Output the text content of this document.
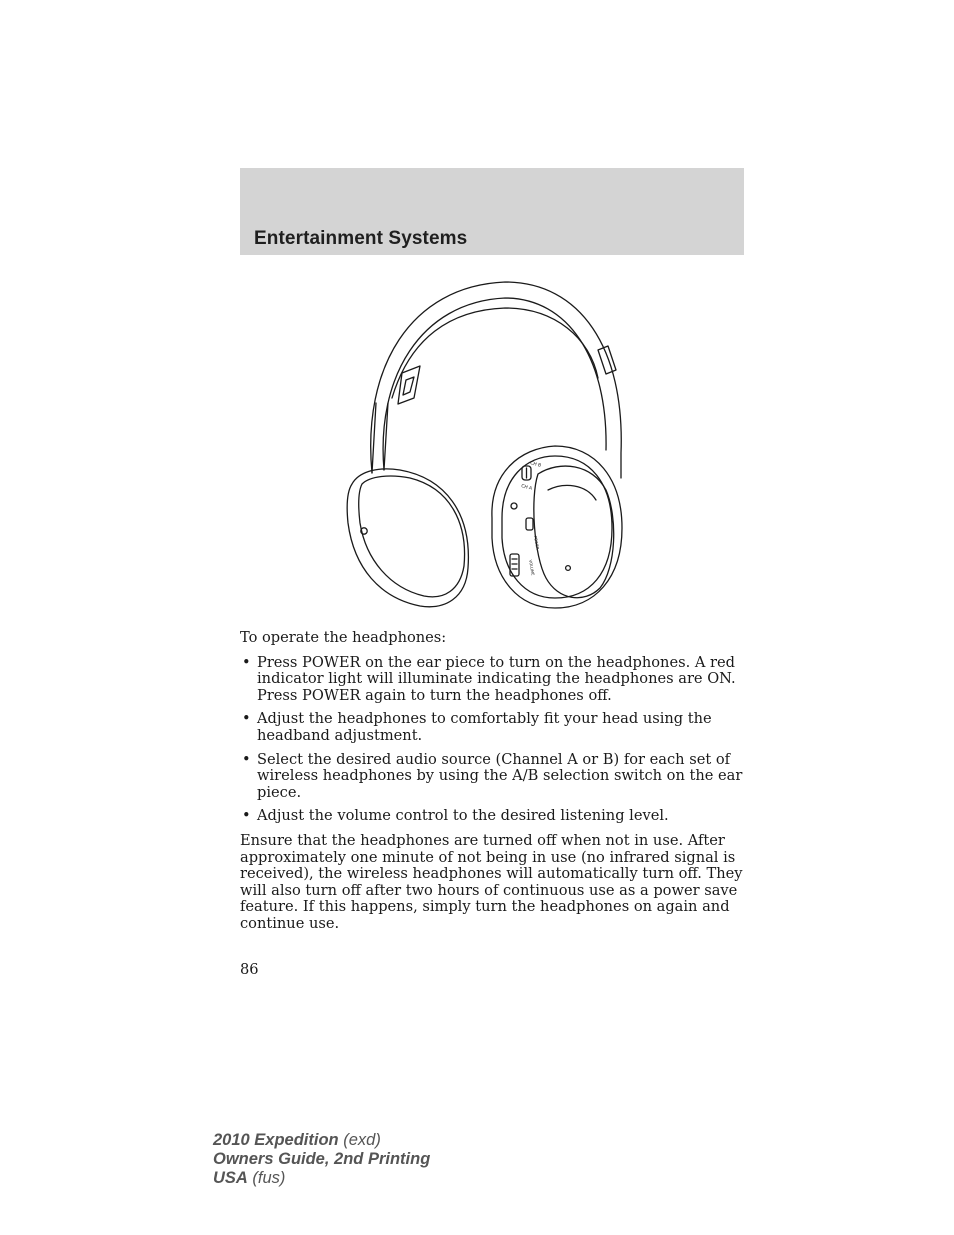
Entertainment Systems
CH B
CH A
POWER
VOLUME

To operate the headphones:

• Press POWER on the ear piece to turn on the headphones. A red indicator light will illuminate indicating the headphones are ON. Press POWER again to turn the headphones off.
• Adjust the headphones to comfortably fit your head using the headband adjustment.
• Select the desired audio source (Channel A or B) for each set of wireless headphones by using the A/B selection switch on the ear piece.
• Adjust the volume control to the desired listening level.

Ensure that the headphones are turned off when not in use. After approximately one minute of not being in use (no infrared signal is received), the wireless headphones will automatically turn off. They will also turn off after two hours of continuous use as a power save feature. If this happens, simply turn the headphones on again and continue use.

86
2010 Expedition (exd)
Owners Guide, 2nd Printing
USA (fus)
